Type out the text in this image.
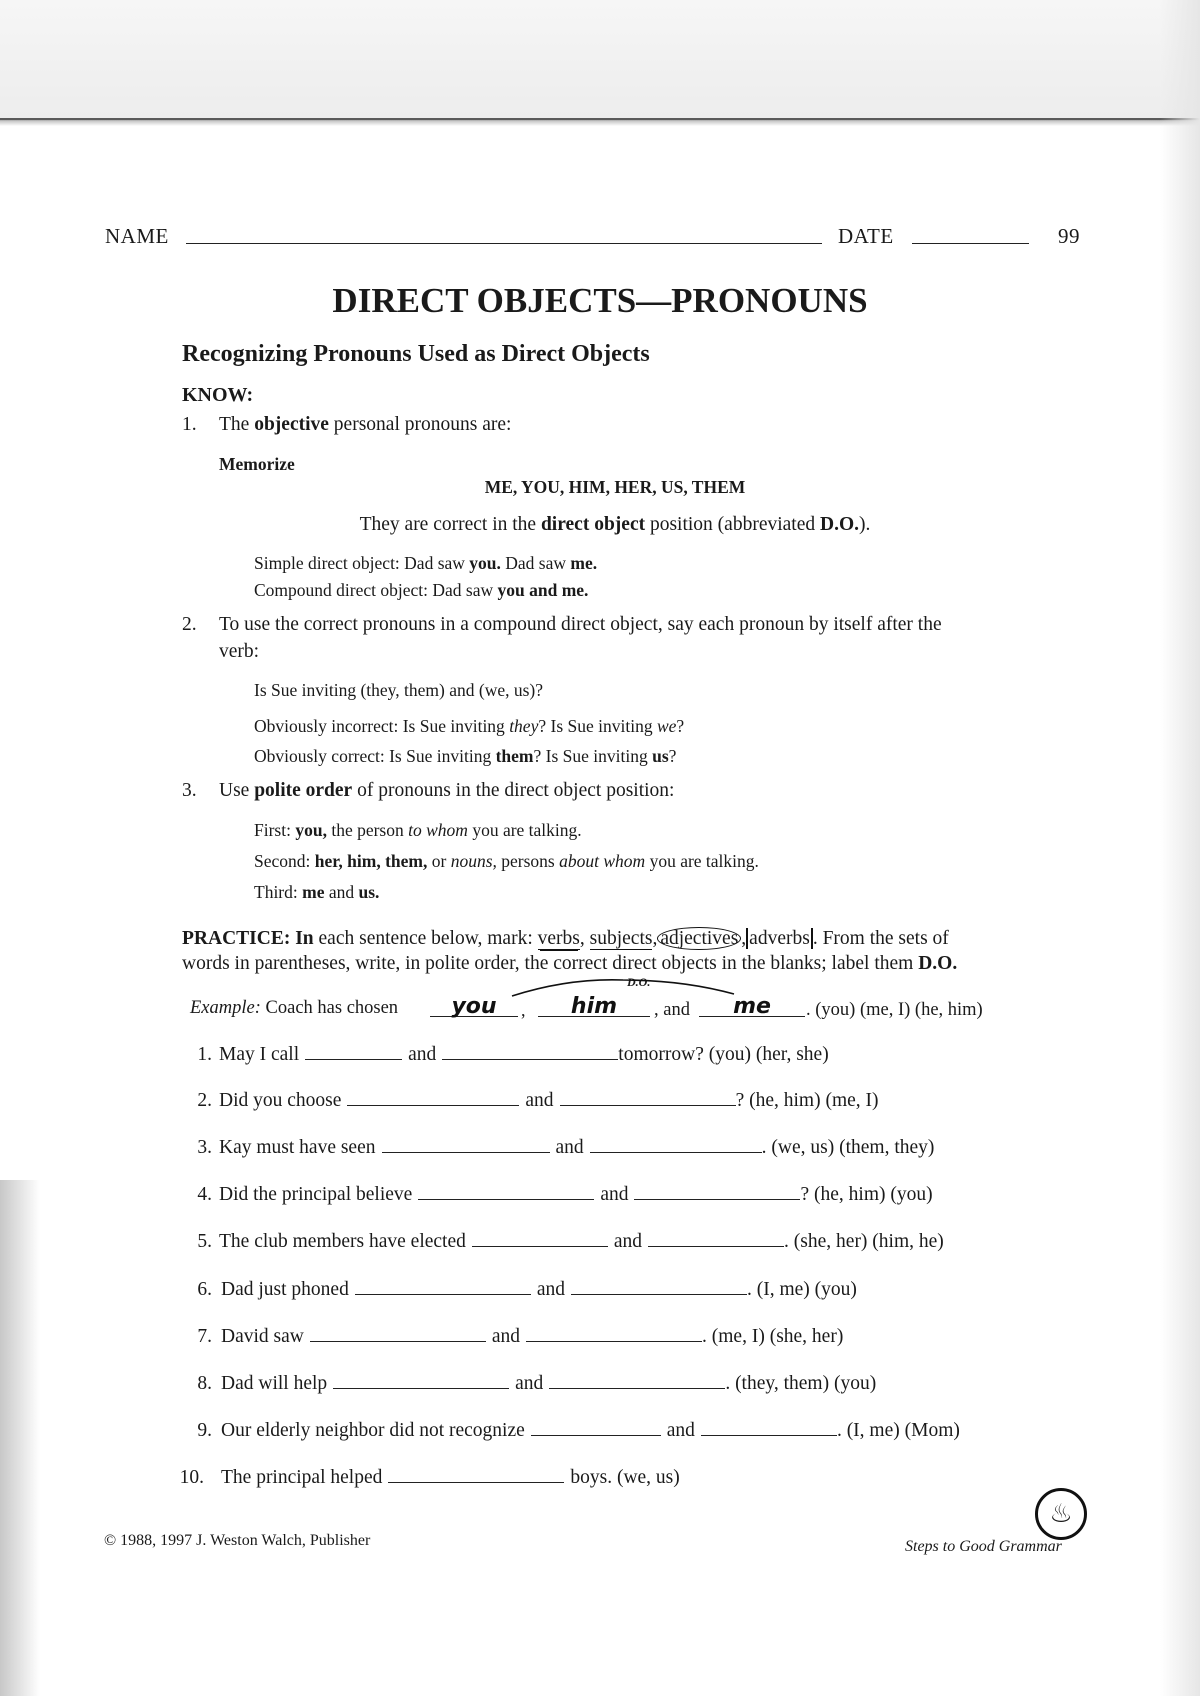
NAME	DATE	99
DIRECT OBJECTS—PRONOUNS
Recognizing Pronouns Used as Direct Objects
KNOW:
1. The objective personal pronouns are:
Memorize
ME, YOU, HIM, HER, US, THEM
They are correct in the direct object position (abbreviated D.O.).
Simple direct object: Dad saw you. Dad saw me.
Compound direct object: Dad saw you and me.
2. To use the correct pronouns in a compound direct object, say each pronoun by itself after the
verb:
Is Sue inviting (they, them) and (we, us)?
Obviously incorrect: Is Sue inviting they? Is Sue inviting we?
Obviously correct: Is Sue inviting them? Is Sue inviting us?
3. Use polite order of pronouns in the direct object position:
First: you, the person to whom you are talking.
Second: her, him, them, or nouns, persons about whom you are talking.
Third: me and us.
PRACTICE: In each sentence below, mark: verbs, subjects, adjectives , adverbs . From the sets of
words in parentheses, write, in polite order, the correct direct objects in the blanks; label them D.O.
Example: Coach has chosen	you	,	him	, and	me	. (you) (me, I) (he, him)
D.O.
1. May I call	and	tomorrow? (you) (her, she)
2. Did you choose	and	? (he, him) (me, I)
3. Kay must have seen	and	. (we, us) (them, they)
4. Did the principal believe	and	? (he, him) (you)
5. The club members have elected	and	. (she, her) (him, he)
6. Dad just phoned	and	. (I, me) (you)
7. David saw	and	. (me, I) (she, her)
8. Dad will help	and	. (they, them) (you)
9. Our elderly neighbor did not recognize	and	. (I, me) (Mom)
10. The principal helped	boys. (we, us)
© 1988, 1997 J. Weston Walch, Publisher
♨
Steps to Good Grammar
